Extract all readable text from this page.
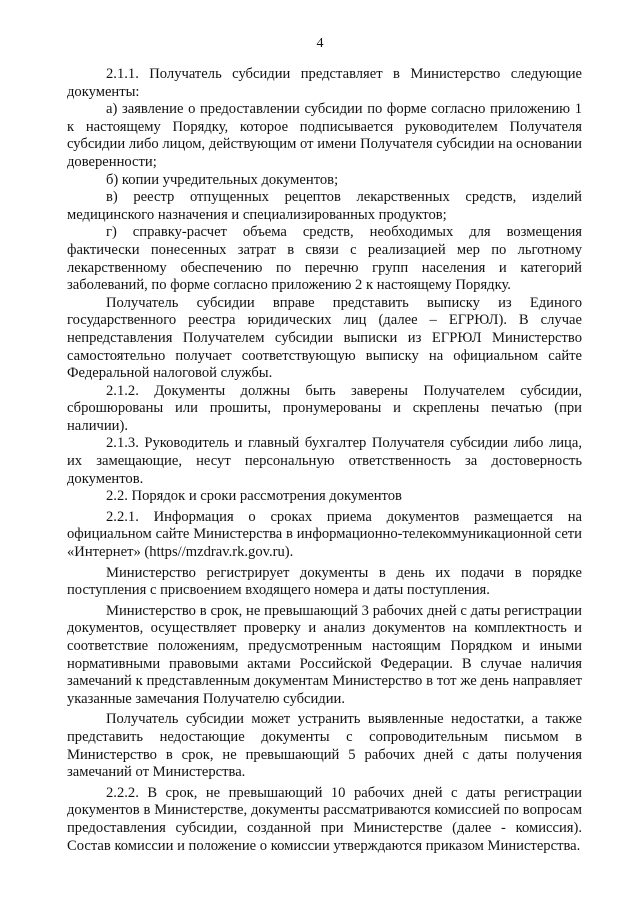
4

2.1.1. Получатель субсидии представляет в Министерство следующие документы:

а) заявление о предоставлении субсидии по форме согласно приложению 1 к настоящему Порядку, которое подписывается руководителем Получателя субсидии либо лицом, действующим от имени Получателя субсидии на основании доверенности;

б) копии учредительных документов;

в) реестр отпущенных рецептов лекарственных средств, изделий медицинского назначения и специализированных продуктов;

г) справку-расчет объема средств, необходимых для возмещения фактически понесенных затрат в связи с реализацией мер по льготному лекарственному обеспечению по перечню групп населения и категорий заболеваний, по форме согласно приложению 2 к настоящему Порядку.

Получатель субсидии вправе представить выписку из Единого государственного реестра юридических лиц (далее – ЕГРЮЛ). В случае непредставления Получателем субсидии выписки из ЕГРЮЛ Министерство самостоятельно получает соответствующую выписку на официальном сайте Федеральной налоговой службы.

2.1.2. Документы должны быть заверены Получателем субсидии, сброшюрованы или прошиты, пронумерованы и скреплены печатью (при наличии).

2.1.3. Руководитель и главный бухгалтер Получателя субсидии либо лица, их замещающие, несут персональную ответственность за достоверность документов.

2.2. Порядок и сроки рассмотрения документов

2.2.1. Информация о сроках приема документов размещается на официальном сайте Министерства в информационно-телекоммуникационной сети «Интернет» (https//mzdrav.rk.gov.ru).

Министерство регистрирует документы в день их подачи в порядке поступления с присвоением входящего номера и даты поступления.

Министерство в срок, не превышающий 3 рабочих дней с даты регистрации документов, осуществляет проверку и анализ документов на комплектность и соответствие положениям, предусмотренным настоящим Порядком и иными нормативными правовыми актами Российской Федерации. В случае наличия замечаний к представленным документам Министерство в тот же день направляет указанные замечания Получателю субсидии.

Получатель субсидии может устранить выявленные недостатки, а также представить недостающие документы с сопроводительным письмом в Министерство в срок, не превышающий 5 рабочих дней с даты получения замечаний от Министерства.

2.2.2. В срок, не превышающий 10 рабочих дней с даты регистрации документов в Министерстве, документы рассматриваются комиссией по вопросам предоставления субсидии, созданной при Министерстве (далее - комиссия). Состав комиссии и положение о комиссии утверждаются приказом Министерства.
